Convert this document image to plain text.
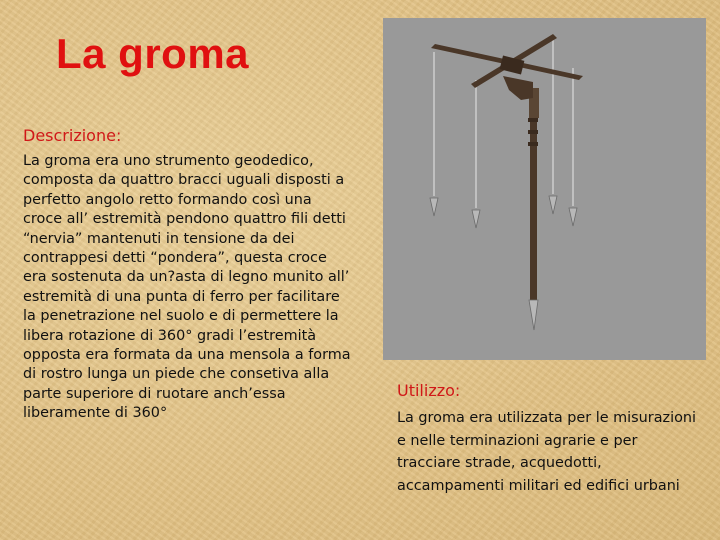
La groma
Descrizione:

La groma era uno strumento geodedico, composta da quattro bracci uguali disposti a perfetto angolo retto formando così una croce all’ estremità pendono quattro fili detti “nervia” mantenuti in tensione da dei contrappesi detti “pondera”, questa croce era sostenuta da un?asta di legno munito all’ estremità di una punta di ferro per facilitare la penetrazione nel suolo e di permettere la libera rotazione di 360° gradi l’estremità opposta era formata da una mensola a forma di rostro lunga un piede che consetiva alla parte superiore di ruotare anch’essa liberamente di 360°

Utilizzo:

La groma era utilizzata per le misurazioni e nelle terminazioni agrarie e per tracciare strade, acquedotti, accampamenti militari ed edifici urbani
